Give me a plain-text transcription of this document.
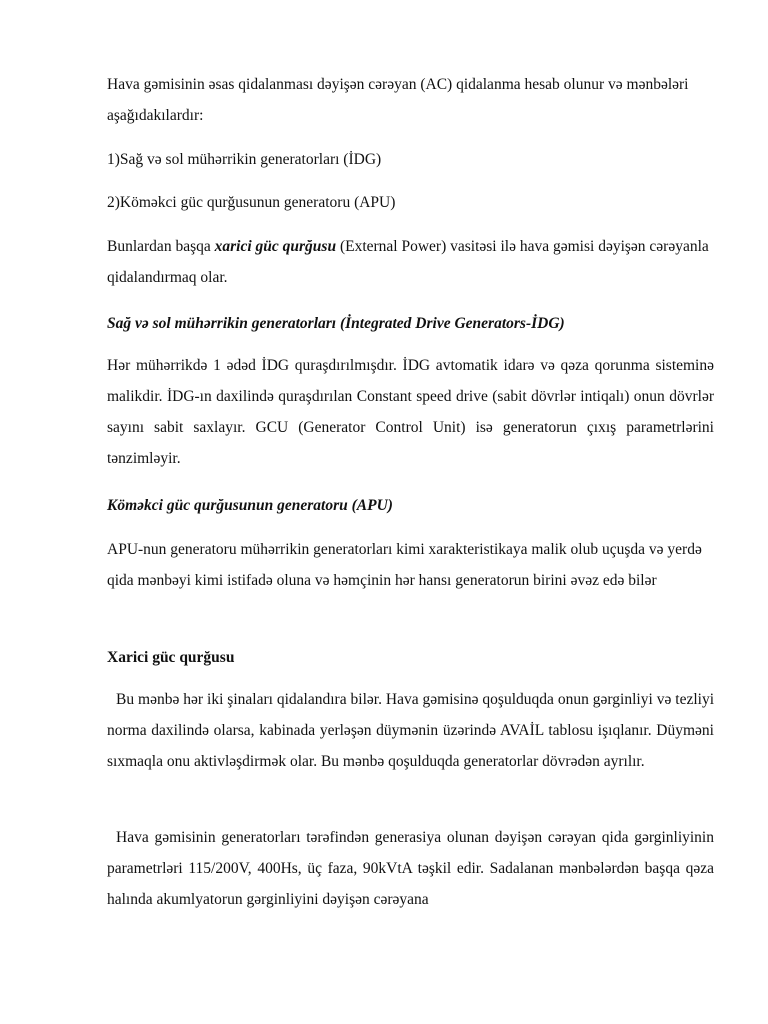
Hava gəmisinin əsas qidalanması dəyişən cərəyan (AC) qidalanma hesab olunur və mənbələri aşağıdakılardır:

1)Sağ və sol mühərrikin generatorları (İDG)

2)Köməkci güc qurğusunun generatoru (APU)

Bunlardan başqa xarici güc qurğusu (External Power) vasitəsi ilə hava gəmisi dəyişən cərəyanla qidalandırmaq olar.

Sağ və sol mühərrikin generatorları (İntegrated Drive Generators-İDG)

Hər mühərrikdə 1 ədəd İDG quraşdırılmışdır. İDG avtomatik idarə və qəza qorunma sisteminə malikdir. İDG-ın daxilində quraşdırılan Constant speed drive (sabit dövrlər intiqalı) onun dövrlər sayını sabit saxlayır. GCU (Generator Control Unit) isə generatorun çıxış parametrlərini tənzimləyir.

Köməkci güc qurğusunun generatoru (APU)

APU-nun generatoru mühərrikin generatorları kimi xarakteristikaya malik olub uçuşda və yerdə qida mənbəyi kimi istifadə oluna və həmçinin hər hansı generatorun birini əvəz edə bilər

Xarici güc qurğusu

Bu mənbə hər iki şinaları qidalandıra bilər. Hava gəmisinə qoşulduqda onun gərginliyi və tezliyi norma daxilində olarsa, kabinada yerləşən düymənin üzərində AVAİL tablosu işıqlanır. Düyməni sıxmaqla onu aktivləşdirmək olar. Bu mənbə qoşulduqda generatorlar dövrədən ayrılır.

Hava gəmisinin generatorları tərəfindən generasiya olunan dəyişən cərəyan qida gərginliyinin parametrləri 115/200V, 400Hs, üç faza, 90kVtA təşkil edir. Sadalanan mənbələrdən başqa qəza halında akumlyatorun gərginliyini dəyişən cərəyana
